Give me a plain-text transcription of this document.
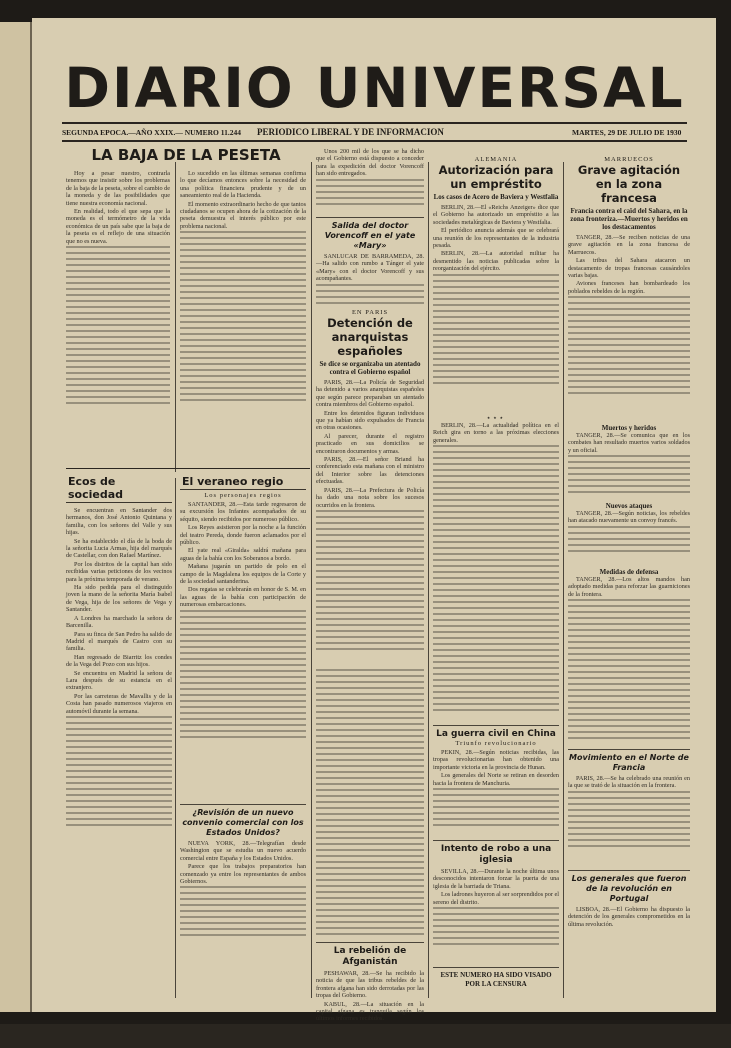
DIARIO UNIVERSAL
SEGUNDA EPOCA.—AÑO XXIX.— NUMERO 11.244 PERIODICO LIBERAL Y DE INFORMACION	MARTES, 29 DE JULIO DE 1930
LA BAJA DE LA PESETA

Hoy a pesar nuestro, contrarla tenemos que insistir sobre los problemas de la baja de la peseta, sobre el cambio de la moneda y de las posibilidades que tiene nuestra economía nacional.

En realidad, todo el que sepa que la moneda es el termómetro de la vida económica de un país sabe que la baja de la peseta es el reflejo de una situación que no es nueva.

Lo sucedido en las últimas semanas confirma lo que decíamos entonces sobre la necesidad de una política financiera prudente y de un saneamiento real de la Hacienda.

El momento extraordinario hecho de que tantos ciudadanos se ocupen ahora de la cotización de la peseta demuestra el interés público por este problema nacional.

Ecos de sociedad

Se encuentran en Santander dos hermanos, don José Antonio Quintana y familia, con los señores del Valle y sus hijas.

Se ha establecido el día de la boda de la señorita Lucia Armas, hija del marqués de Castellar, con don Rafael Martínez.

Por los distritos de la capital han sido recibidas varias peticiones de los vecinos para la próxima temporada de verano.

Ha sido pedida para el distinguido joven la mano de la señorita María Isabel de Vega, hija de los señores de Vega y Santander.

A Londres ha marchado la señora de Barcenilla.

Para su finca de San Pedro ha salido de Madrid el marqués de Castro con su familia.

Han regresado de Biarritz los condes de la Vega del Pozo con sus hijos.

Se encuentra en Madrid la señora de Lara después de su estancia en el extranjero.

Por las carreteras de Mavallis y de la Costa han pasado numerosos viajeros en automóvil durante la semana.

El veraneo regio
Los personajes regios

SANTANDER, 28.—Esta tarde regresaron de su excursión los Infantes acompañados de su séquito, siendo recibidos por numeroso público.

Los Reyes asistieron por la noche a la función del teatro Pereda, donde fueron aclamados por el público.

El yate real «Giralda» saldrá mañana para aguas de la bahía con los Soberanos a bordo.

Mañana jugarán un partido de polo en el campo de la Magdalena los equipos de la Corte y de la sociedad santanderina.

Dos regatas se celebrarán en honor de S. M. en las aguas de la bahía con participación de numerosas embarcaciones.

¿Revisión de un nuevo convenio comercial con los Estados Unidos?

NUEVA YORK, 28.—Telegrafían desde Washington que se estudia un nuevo acuerdo comercial entre España y los Estados Unidos.

Parece que los trabajos preparatorios han comenzado ya entre los representantes de ambos Gobiernos.

Unos 200 mil de los que se ha dicho que el Gobierno está dispuesto a conceder para la expedición del doctor Vorencoff han sido entregados.

Salida del doctor Vorencoff en el yate «Mary»

SANLUCAR DE BARRAMEDA, 28.—Ha salido con rumbo a Tánger el yate «Mary» con el doctor Vorencoff y sus acompañantes.

EN PARIS
Detención de anarquistas españoles
Se dice se organizaba un atentado contra el Gobierno español

PARIS, 28.—La Policía de Seguridad ha detenido a varios anarquistas españoles que según parece preparaban un atentado contra miembros del Gobierno español.

Entre los detenidos figuran individuos que ya habían sido expulsados de Francia en otras ocasiones.

Al parecer, durante el registro practicado en sus domicilios se encontraron documentos y armas.

PARIS, 28.—El señor Briand ha conferenciado esta mañana con el ministro del Interior sobre las detenciones efectuadas.

PARIS, 28.—La Prefectura de Policía ha dado una nota sobre los sucesos ocurridos en la frontera.

La rebelión de Afganistán

PESHAWAR, 28.—Se ha recibido la noticia de que las tribus rebeldes de la frontera afgana han sido derrotadas por las tropas del Gobierno.

KABUL, 28.—La situación en la capital afgana es tranquila según los últimos informes recibidos.

ALEMANIA
Autorización para un empréstito
Los casos de Acero de Baviera y Westfalia

BERLIN, 28.—El «Reichs Anzeiger» dice que el Gobierno ha autorizado un empréstito a las sociedades metalúrgicas de Baviera y Westfalia.

El periódico anuncia además que se celebrará una reunión de los representantes de la industria pesada.

BERLIN, 28.—La autoridad militar ha desmentido las noticias publicadas sobre la reorganización del ejército.

⋆⋆⋆

BERLIN, 28.—La actualidad política en el Reich gira en torno a las próximas elecciones generales.

La guerra civil en China
Triunfo revolucionario

PEKIN, 28.—Según noticias recibidas, las tropas revolucionarias han obtenido una importante victoria en la provincia de Hunan.

Los generales del Norte se retiran en desorden hacia la frontera de Manchuria.

Intento de robo a una iglesia

SEVILLA, 28.—Durante la noche última unos desconocidos intentaron forzar la puerta de una iglesia de la barriada de Triana.

Los ladrones huyeron al ser sorprendidos por el sereno del distrito.

ESTE NUMERO HA SIDO VISADO POR LA CENSURA
MARRUECOS
Grave agitación en la zona francesa
Francia contra el caïd del Sahara, en la zona fronteriza.—Muertos y heridos en los destacamentos

TANGER, 28.—Se reciben noticias de una grave agitación en la zona francesa de Marruecos.

Las tribus del Sahara atacaron un destacamento de tropas francesas causándoles varias bajas.

Aviones franceses han bombardeado los poblados rebeldes de la región.

Muertos y heridos

TANGER, 28.—Se comunica que en los combates han resultado muertos varios soldados y un oficial.

Nuevos ataques

TANGER, 28.—Según noticias, los rebeldes han atacado nuevamente un convoy francés.

Medidas de defensa

TANGER, 28.—Los altos mandos han adoptado medidas para reforzar las guarniciones de la frontera.

Movimiento en el Norte de Francia

PARIS, 28.—Se ha celebrado una reunión en la que se trató de la situación en la frontera.

Los generales que fueron de la revolución en Portugal

LISBOA, 28.—El Gobierno ha dispuesto la detención de los generales comprometidos en la última revolución.
